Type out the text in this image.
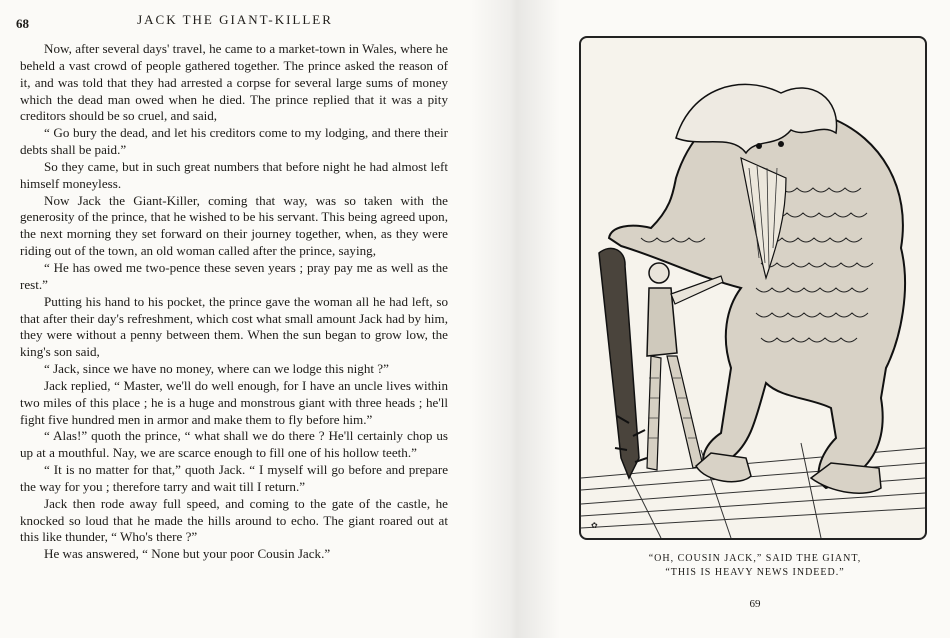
68	JACK THE GIANT-KILLER

Now, after several days' travel, he came to a market-town in Wales, where he beheld a vast crowd of people gathered together. The prince asked the reason of it, and was told that they had arrested a corpse for several large sums of money which the dead man owed when he died. The prince replied that it was a pity creditors should be so cruel, and said,

“ Go bury the dead, and let his creditors come to my lodging, and there their debts shall be paid.”

So they came, but in such great numbers that before night he had almost left himself moneyless.

Now Jack the Giant-Killer, coming that way, was so taken with the generosity of the prince, that he wished to be his servant. This being agreed upon, the next morning they set forward on their journey together, when, as they were riding out of the town, an old woman called after the prince, saying,

“ He has owed me two-pence these seven years ; pray pay me as well as the rest.”

Putting his hand to his pocket, the prince gave the woman all he had left, so that after their day's refreshment, which cost what small amount Jack had by him, they were without a penny between them. When the sun began to grow low, the king's son said,

“ Jack, since we have no money, where can we lodge this night ?”

Jack replied, “ Master, we'll do well enough, for I have an uncle lives within two miles of this place ; he is a huge and monstrous giant with three heads ; he'll fight five hundred men in armor and make them to fly before him.”

“ Alas!” quoth the prince, “ what shall we do there ? He'll certainly chop us up at a mouthful. Nay, we are scarce enough to fill one of his hollow teeth.”

“ It is no matter for that,” quoth Jack. “ I myself will go before and prepare the way for you ; therefore tarry and wait till I return.”

Jack then rode away full speed, and coming to the gate of the castle, he knocked so loud that he made the hills around to echo. The giant roared out at this like thunder, “ Who's there ?”

He was answered, “ None but your poor Cousin Jack.”

✿
“OH, COUSIN JACK,” SAID THE GIANT,
“THIS IS HEAVY NEWS INDEED.”
69
